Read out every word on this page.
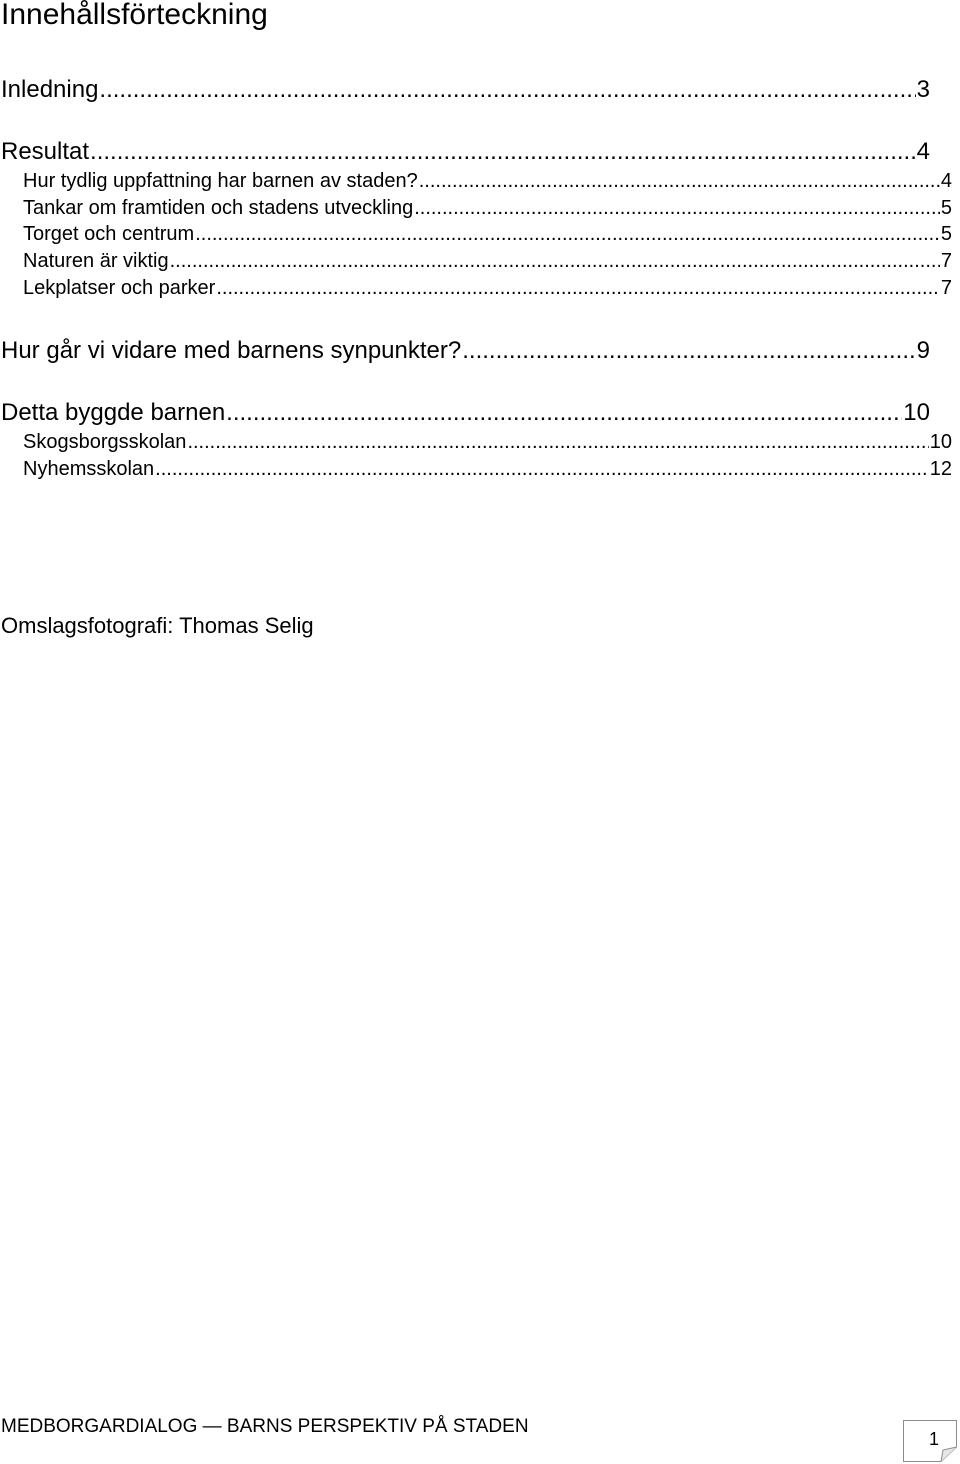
Innehållsförteckning
Inledning .....	3
Resultat .....	4
Hur tydlig uppfattning har barnen av staden? .....	4
Tankar om framtiden och stadens utveckling .....	5
Torget och centrum .....	5
Naturen är viktig .....	7
Lekplatser och parker .....	7
Hur går vi vidare med barnens synpunkter? .....	9
Detta byggde barnen .....	10
Skogsborgsskolan .....	10
Nyhemsskolan .....	12
Omslagsfotografi: Thomas Selig
MEDBORGARDIALOG — BARNS PERSPEKTIV PÅ STADEN
1
